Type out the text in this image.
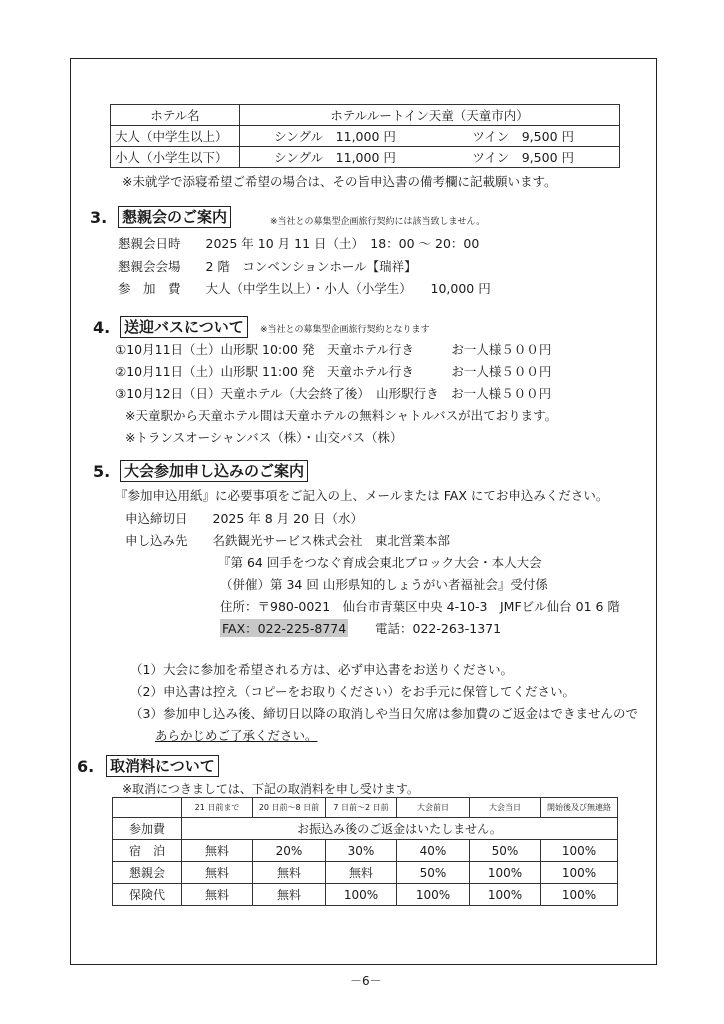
ホテル名	ホテルルートイン天童（天童市内）	
大人（中学生以上）	シングル　11,000 円	ツイン　9,500 円
小人（小学生以下）	シングル　11,000 円	ツイン　9,500 円
※未就学で添寝希望ご希望の場合は、その旨申込書の備考欄に記載願います。
3. 懇親会のご案内	※当社との募集型企画旅行契約には該当致しません。
懇親会日時　　2025 年 10 月 11 日（土）　18：00 ～ 20：00
懇親会会場　　2 階　コンベンションホール【瑞祥】
参　加　費　　大人（中学生以上）・小人（小学生）　　10,000 円
4. 送迎バスについて	※当社との募集型企画旅行契約となります
①10月11日（土）山形駅 10:00 発　天童ホテル行き　　　お一人様５００円
②10月11日（土）山形駅 11:00 発　天童ホテル行き　　　お一人様５００円
③10月12日（日）天童ホテル（大会終了後）　山形駅行き　お一人様５００円
※天童駅から天童ホテル間は天童ホテルの無料シャトルバスが出ております。
※トランスオーシャンバス（株）・山交バス（株）
5. 大会参加申し込みのご案内
『参加申込用紙』に必要事項をご記入の上、メールまたは FAX にてお申込みください。
申込締切日　　2025 年 8 月 20 日（水）
申し込み先　　名鉄観光サービス株式会社　東北営業本部
『第 64 回手をつなぐ育成会東北ブロック大会・本人大会
（併催）第 34 回 山形県知的しょうがい者福祉会』受付係
住所：〒980-0021　仙台市青葉区中央 4-10-3　JMFビル仙台 01 6 階
FAX：022-225-8774 電話：022-263-1371
（1）大会に参加を希望される方は、必ず申込書をお送りください。
（2）申込書は控え（コピーをお取りください）をお手元に保管してください。
（3）参加申し込み後、締切日以降の取消しや当日欠席は参加費のご返金はできませんので
あらかじめご了承ください。
6. 取消料について
※取消につきましては、下記の取消料を申し受けます。
	21 日前まで	20 日前～8 日前	7 日前～2 日前	大会前日	大会当日	開始後及び無連絡
参加費	お振込み後のご返金はいたしません。					
宿　泊	無料	20%	30%	40%	50%	100%
懇親会	無料	無料	無料	50%	100%	100%
保険代	無料	無料	100%	100%	100%	100%
－6－
